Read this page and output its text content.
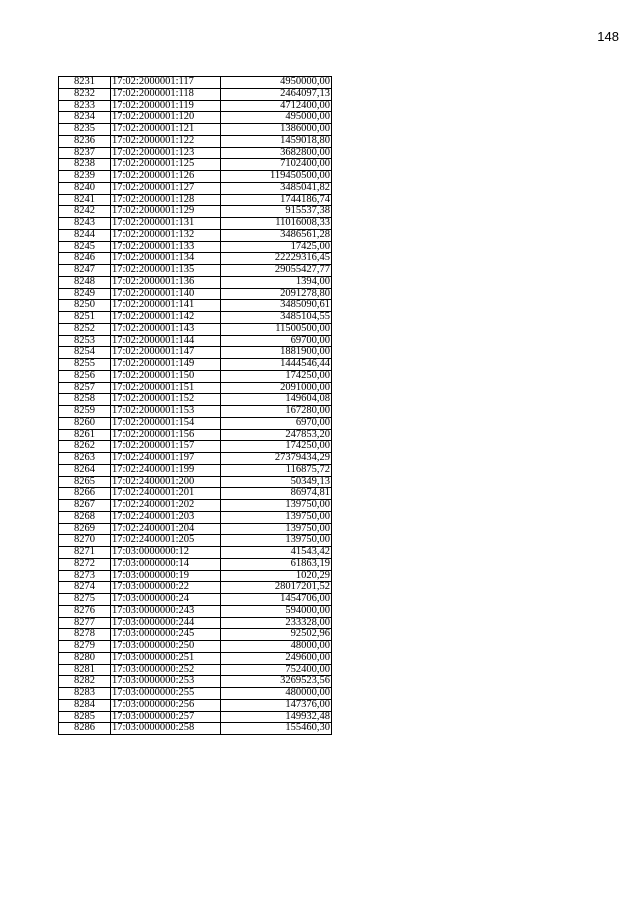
148
8231	17:02:2000001:117	4950000,00
8232	17:02:2000001:118	2464097,13
8233	17:02:2000001:119	4712400,00
8234	17:02:2000001:120	495000,00
8235	17:02:2000001:121	1386000,00
8236	17:02:2000001:122	1459018,80
8237	17:02:2000001:123	3682800,00
8238	17:02:2000001:125	7102400,00
8239	17:02:2000001:126	119450500,00
8240	17:02:2000001:127	3485041,82
8241	17:02:2000001:128	1744186,74
8242	17:02:2000001:129	915537,38
8243	17:02:2000001:131	11016008,33
8244	17:02:2000001:132	3486561,28
8245	17:02:2000001:133	17425,00
8246	17:02:2000001:134	22229316,45
8247	17:02:2000001:135	29055427,77
8248	17:02:2000001:136	1394,00
8249	17:02:2000001:140	2091278,80
8250	17:02:2000001:141	3485090,61
8251	17:02:2000001:142	3485104,55
8252	17:02:2000001:143	11500500,00
8253	17:02:2000001:144	69700,00
8254	17:02:2000001:147	1881900,00
8255	17:02:2000001:149	1444546,44
8256	17:02:2000001:150	174250,00
8257	17:02:2000001:151	2091000,00
8258	17:02:2000001:152	149604,08
8259	17:02:2000001:153	167280,00
8260	17:02:2000001:154	6970,00
8261	17:02:2000001:156	247853,20
8262	17:02:2000001:157	174250,00
8263	17:02:2400001:197	27379434,29
8264	17:02:2400001:199	116875,72
8265	17:02:2400001:200	50349,13
8266	17:02:2400001:201	86974,81
8267	17:02:2400001:202	139750,00
8268	17:02:2400001:203	139750,00
8269	17:02:2400001:204	139750,00
8270	17:02:2400001:205	139750,00
8271	17:03:0000000:12	41543,42
8272	17:03:0000000:14	61863,19
8273	17:03:0000000:19	1020,29
8274	17:03:0000000:22	28017201,52
8275	17:03:0000000:24	1454706,00
8276	17:03:0000000:243	594000,00
8277	17:03:0000000:244	233328,00
8278	17:03:0000000:245	92502,96
8279	17:03:0000000:250	48000,00
8280	17:03:0000000:251	249600,00
8281	17:03:0000000:252	752400,00
8282	17:03:0000000:253	3269523,56
8283	17:03:0000000:255	480000,00
8284	17:03:0000000:256	147376,00
8285	17:03:0000000:257	149932,48
8286	17:03:0000000:258	155460,30
